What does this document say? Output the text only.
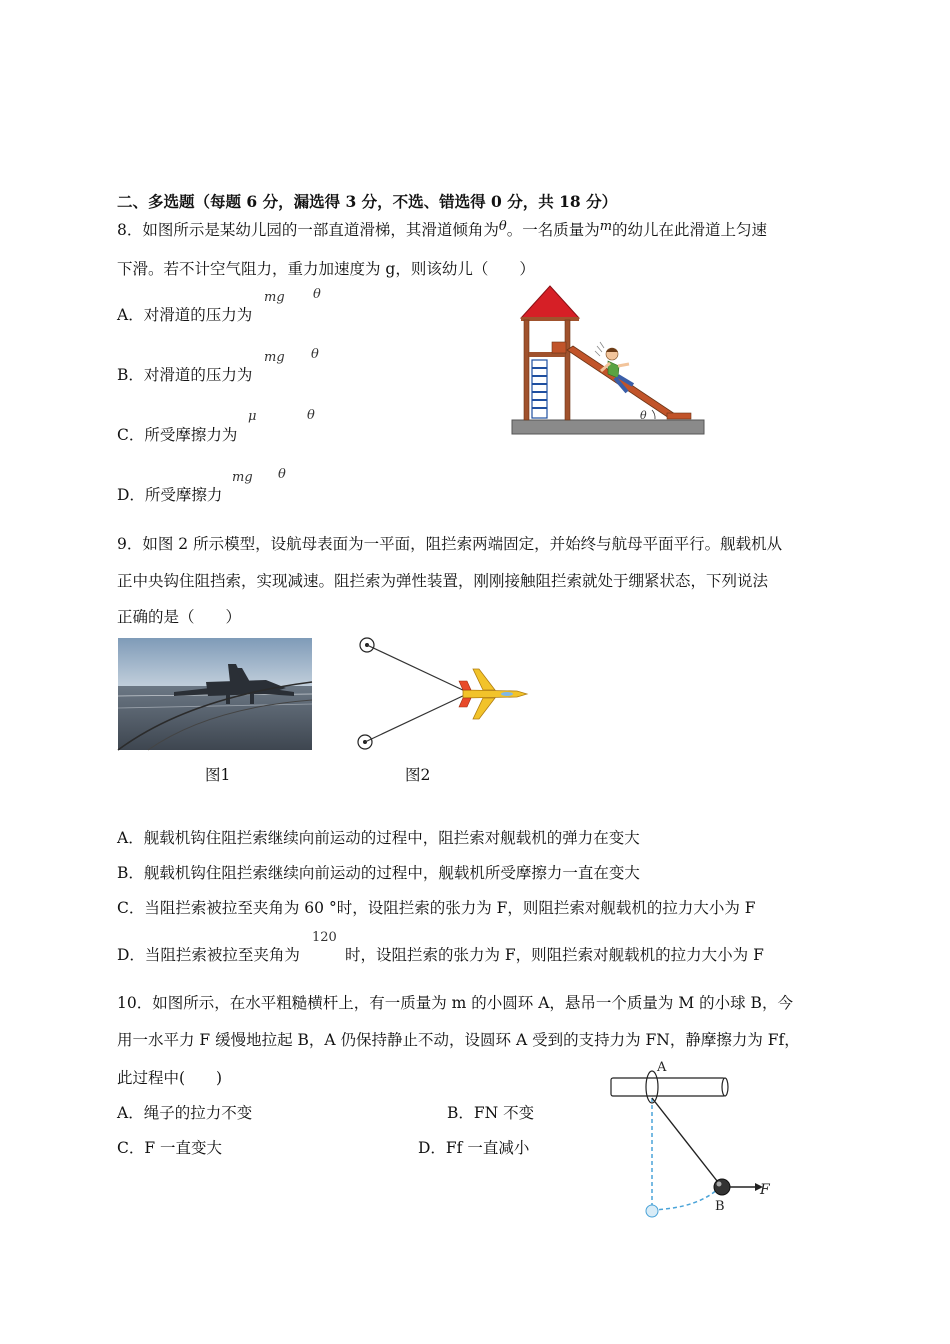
二、多选题（每题 6 分，漏选得 3 分，不选、错选得 0 分，共 18 分）
8．如图所示是某幼儿园的一部直道滑梯，其滑道倾角为$^\theta$。一名质量为$^m$的幼儿在此滑道上匀速
下滑。若不计空气阻力，重力加速度为 g，则该幼儿（　　）
A．对滑道的压力为
mg θ
B．对滑道的压力为
mg θ
C．所受摩擦力为
μ	θ
D．所受摩擦力
mg θ
θ
9．如图 2 所示模型，设航母表面为一平面，阻拦索两端固定，并始终与航母平面平行。舰载机从
正中央钩住阻挡索，实现减速。阻拦索为弹性装置，刚刚接触阻拦索就处于绷紧状态，下列说法
正确的是（　　）
图1	图2
A．舰载机钩住阻拦索继续向前运动的过程中，阻拦索对舰载机的弹力在变大
B．舰载机钩住阻拦索继续向前运动的过程中，舰载机所受摩擦力一直在变大
C．当阻拦索被拉至夹角为 60 °时，设阻拦索的张力为 F，则阻拦索对舰载机的拉力大小为 F
D．当阻拦索被拉至夹角为
120
时，设阻拦索的张力为 F，则阻拦索对舰载机的拉力大小为 F
10．如图所示，在水平粗糙横杆上，有一质量为 m 的小圆环 A，悬吊一个质量为 M 的小球 B，今
用一水平力 F 缓慢地拉起 B，A 仍保持静止不动，设圆环 A 受到的支持力为 FN，静摩擦力为 Ff，
此过程中(　　)
A．绳子的拉力不变	B．FN 不变
C．F 一直变大	D．Ff 一直减小
A
F
B
